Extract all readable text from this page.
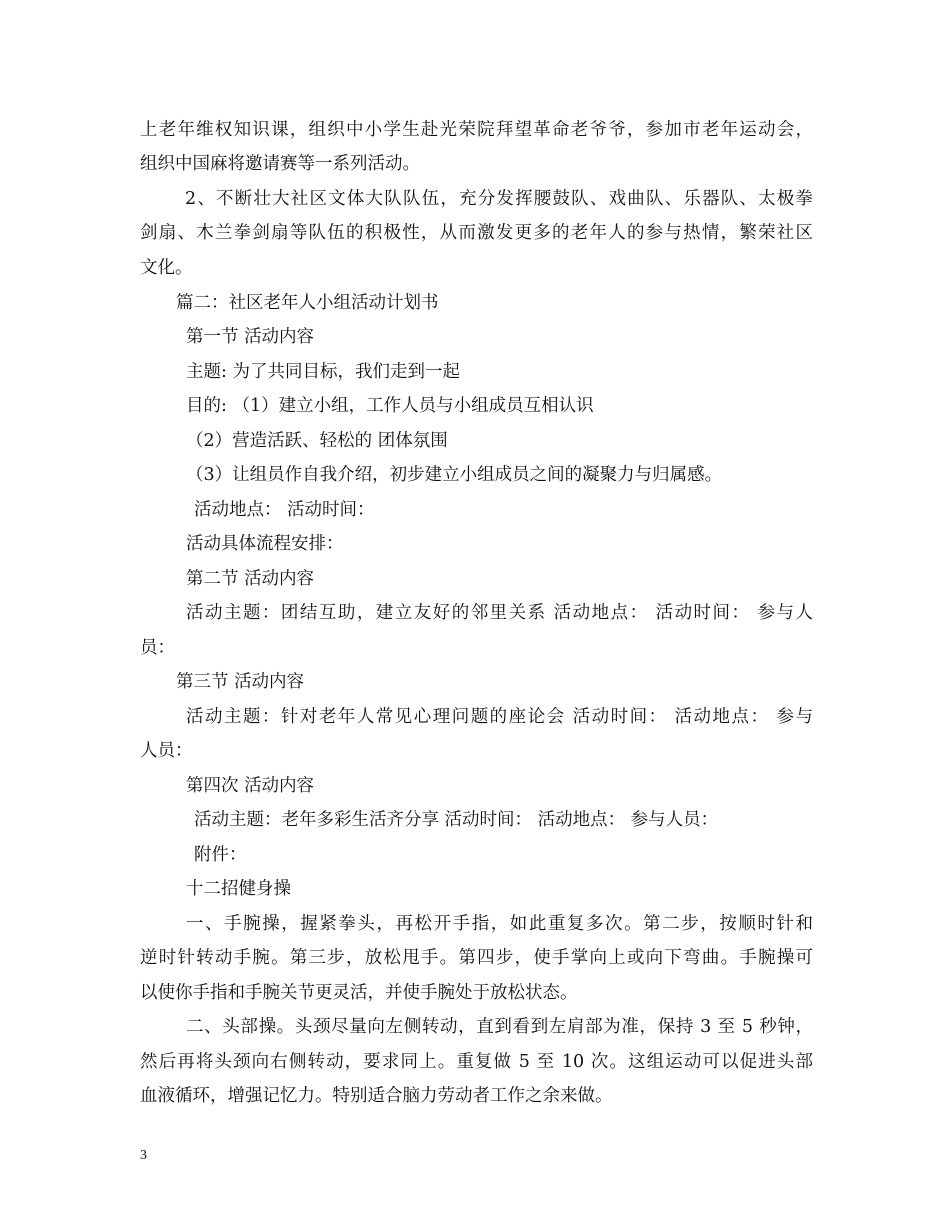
上老年维权知识课，组织中小学生赴光荣院拜望革命老爷爷，参加市老年运动会，
组织中国麻将邀请赛等一系列活动。
2、不断壮大社区文体大队队伍，充分发挥腰鼓队、戏曲队、乐器队、太极拳
剑扇、木兰拳剑扇等队伍的积极性，从而激发更多的老年人的参与热情，繁荣社区
文化。
篇二：社区老年人小组活动计划书
第一节 活动内容
主题: 为了共同目标，我们走到一起
目的: （1）建立小组，工作人员与小组成员互相认识
（2）营造活跃、轻松的 团体氛围
（3）让组员作自我介绍，初步建立小组成员之间的凝聚力与归属感。
活动地点： 活动时间：
活动具体流程安排：
第二节 活动内容
活动主题：团结互助，建立友好的邻里关系 活动地点： 活动时间： 参与人
员：
第三节 活动内容
活动主题：针对老年人常见心理问题的座论会 活动时间： 活动地点： 参与
人员：
第四次 活动内容
活动主题：老年多彩生活齐分享 活动时间： 活动地点： 参与人员：
附件：
十二招健身操
一、手腕操，握紧拳头，再松开手指，如此重复多次。第二步，按顺时针和
逆时针转动手腕。第三步，放松甩手。第四步，使手掌向上或向下弯曲。手腕操可
以使你手指和手腕关节更灵活，并使手腕处于放松状态。
二、头部操。头颈尽量向左侧转动，直到看到左肩部为准，保持 3 至 5 秒钟，
然后再将头颈向右侧转动，要求同上。重复做 5 至 10 次。这组运动可以促进头部
血液循环，增强记忆力。特别适合脑力劳动者工作之余来做。
3
